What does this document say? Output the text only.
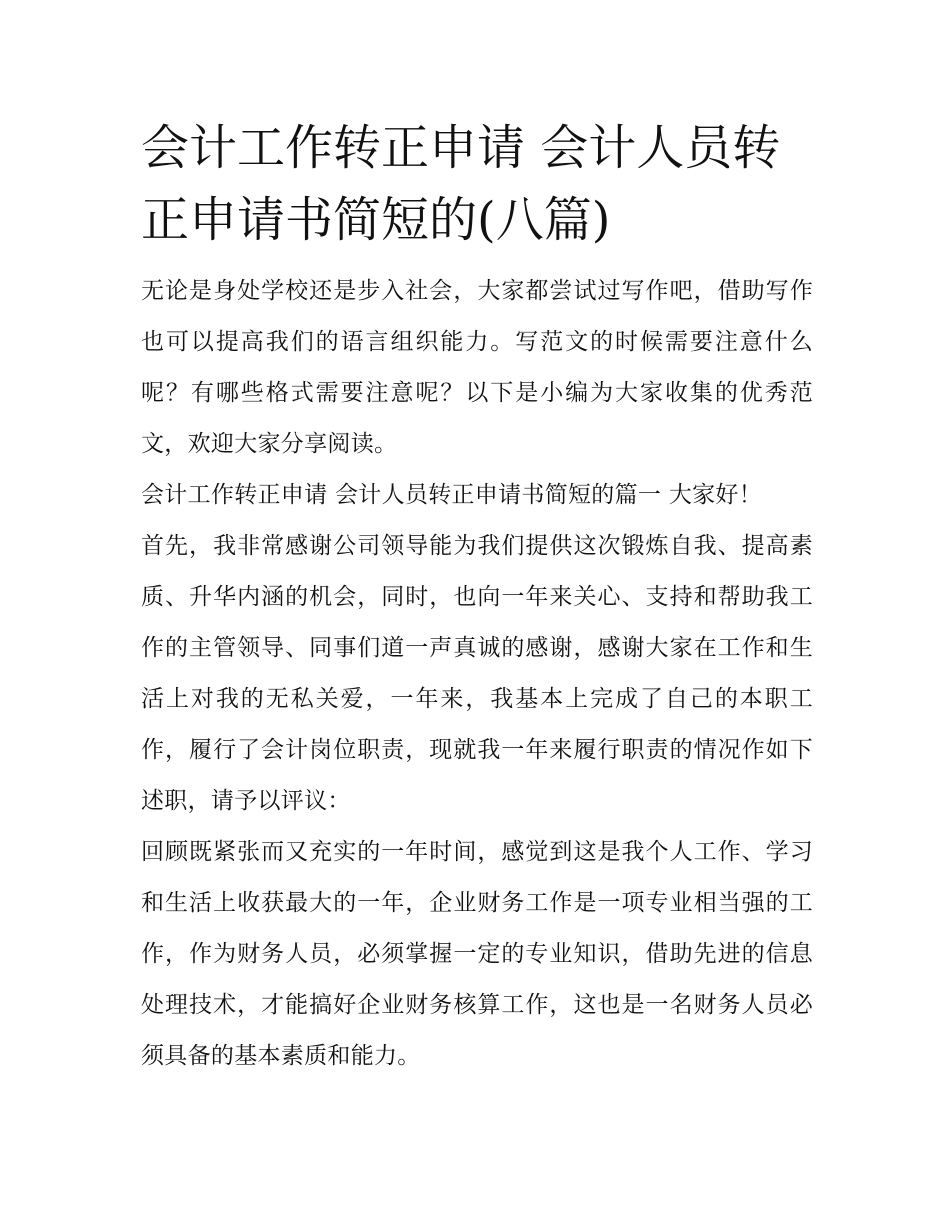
会计工作转正申请 会计人员转正申请书简短的(八篇)

无论是身处学校还是步入社会，大家都尝试过写作吧，借助写作也可以提高我们的语言组织能力。写范文的时候需要注意什么呢？有哪些格式需要注意呢？以下是小编为大家收集的优秀范文，欢迎大家分享阅读。

会计工作转正申请 会计人员转正申请书简短的篇一 大家好！

首先，我非常感谢公司领导能为我们提供这次锻炼自我、提高素质、升华内涵的机会，同时，也向一年来关心、支持和帮助我工作的主管领导、同事们道一声真诚的感谢，感谢大家在工作和生活上对我的无私关爱，一年来，我基本上完成了自己的本职工作，履行了会计岗位职责，现就我一年来履行职责的情况作如下述职，请予以评议：

回顾既紧张而又充实的一年时间，感觉到这是我个人工作、学习和生活上收获最大的一年，企业财务工作是一项专业相当强的工作，作为财务人员，必须掌握一定的专业知识，借助先进的信息处理技术，才能搞好企业财务核算工作，这也是一名财务人员必须具备的基本素质和能力。
